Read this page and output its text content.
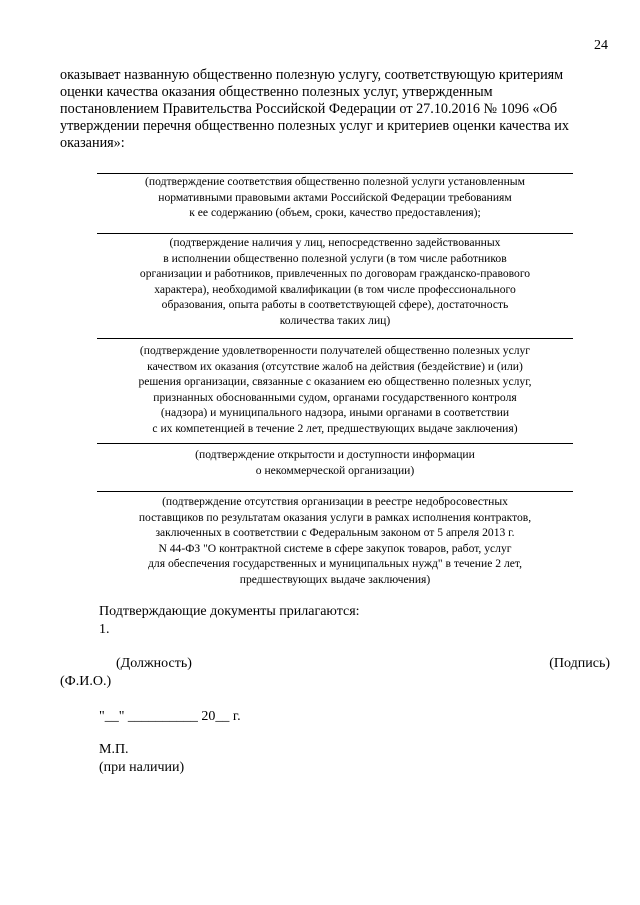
24
оказывает названную общественно полезную услугу, соответствующую критериям
оценки качества оказания общественно полезных услуг, утвержденным
постановлением Правительства Российской Федерации от 27.10.2016 № 1096 «Об
утверждении перечня общественно полезных услуг и критериев оценки качества их
оказания»:
(подтверждение соответствия общественно полезной услуги установленным
нормативными правовыми актами Российской Федерации требованиям
к ее содержанию (объем, сроки, качество предоставления);
(подтверждение наличия у лиц, непосредственно задействованных
в исполнении общественно полезной услуги (в том числе работников
организации и работников, привлеченных по договорам гражданско-правового
характера), необходимой квалификации (в том числе профессионального
образования, опыта работы в соответствующей сфере), достаточность
количества таких лиц)
(подтверждение удовлетворенности получателей общественно полезных услуг
качеством их оказания (отсутствие жалоб на действия (бездействие) и (или)
решения организации, связанные с оказанием ею общественно полезных услуг,
признанных обоснованными судом, органами государственного контроля
(надзора) и муниципального надзора, иными органами в соответствии
с их компетенцией в течение 2 лет, предшествующих выдаче заключения)
(подтверждение открытости и доступности информации
о некоммерческой организации)
(подтверждение отсутствия организации в реестре недобросовестных
поставщиков по результатам оказания услуги в рамках исполнения контрактов,
заключенных в соответствии с Федеральным законом от 5 апреля 2013 г.
N 44-ФЗ "О контрактной системе в сфере закупок товаров, работ, услуг
для обеспечения государственных и муниципальных нужд" в течение 2 лет,
предшествующих выдаче заключения)
Подтверждающие документы прилагаются:
1.
(Должность)	(Подпись)
(Ф.И.О.)
"__" __________ 20__ г.
М.П.
(при наличии)
